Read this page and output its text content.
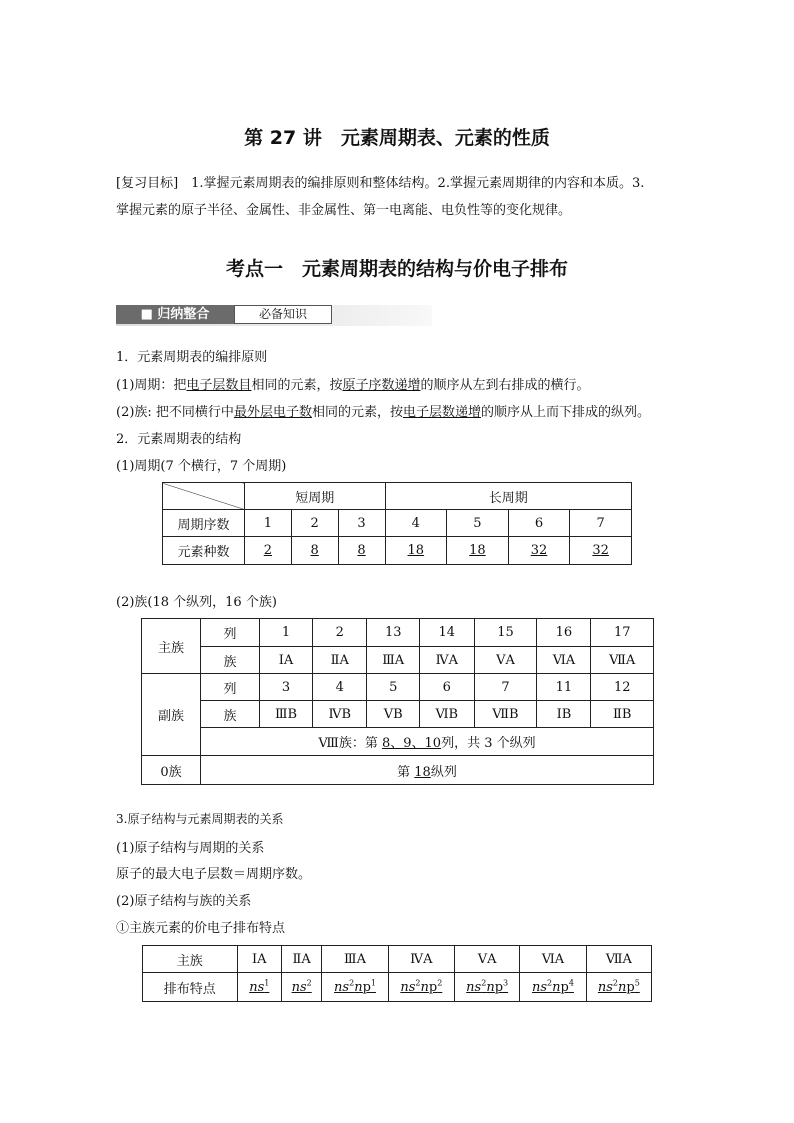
第 27 讲　元素周期表、元素的性质
[复习目标]　1.掌握元素周期表的编排原则和整体结构。2.掌握元素周期律的内容和本质。3.
掌握元素的原子半径、金属性、非金属性、第一电离能、电负性等的变化规律。
考点一　元素周期表的结构与价电子排布
■ 归纳整合	必备知识
1．元素周期表的编排原则
(1)周期：把电子层数目相同的元素，按原子序数递增的顺序从左到右排成的横行。
(2)族: 把不同横行中最外层电子数相同的元素，按电子层数递增的顺序从上而下排成的纵列。
2．元素周期表的结构
(1)周期(7 个横行，7 个周期)
	短周期			长周期			
周期序数	1	2	3	4	5	6	7
元素种数	2	8	8	18	18	32	32
(2)族(18 个纵列，16 个族)
主族	列	1	2	13	14	15	16	17
	族	ⅠA	ⅡA	ⅢA	ⅣA	ⅤA	ⅥA	ⅦA
副族	列	3	4	5	6	7	11	12
	族	ⅢB	ⅣB	ⅤB	ⅥB	ⅦB	ⅠB	ⅡB
	Ⅷ族：第 8、9、10列，共 3 个纵列							
0族	第 18纵列							
3.原子结构与元素周期表的关系
(1)原子结构与周期的关系
原子的最大电子层数＝周期序数。
(2)原子结构与族的关系
①主族元素的价电子排布特点
主族	ⅠA	ⅡA	ⅢA	ⅣA	ⅤA	ⅥA	ⅦA
排布特点	$ns^1$	$ns^2$	$ns^2np^1$	$ns^2np^2$	$ns^2np^3$	$ns^2np^4$	$ns^2np^5$
